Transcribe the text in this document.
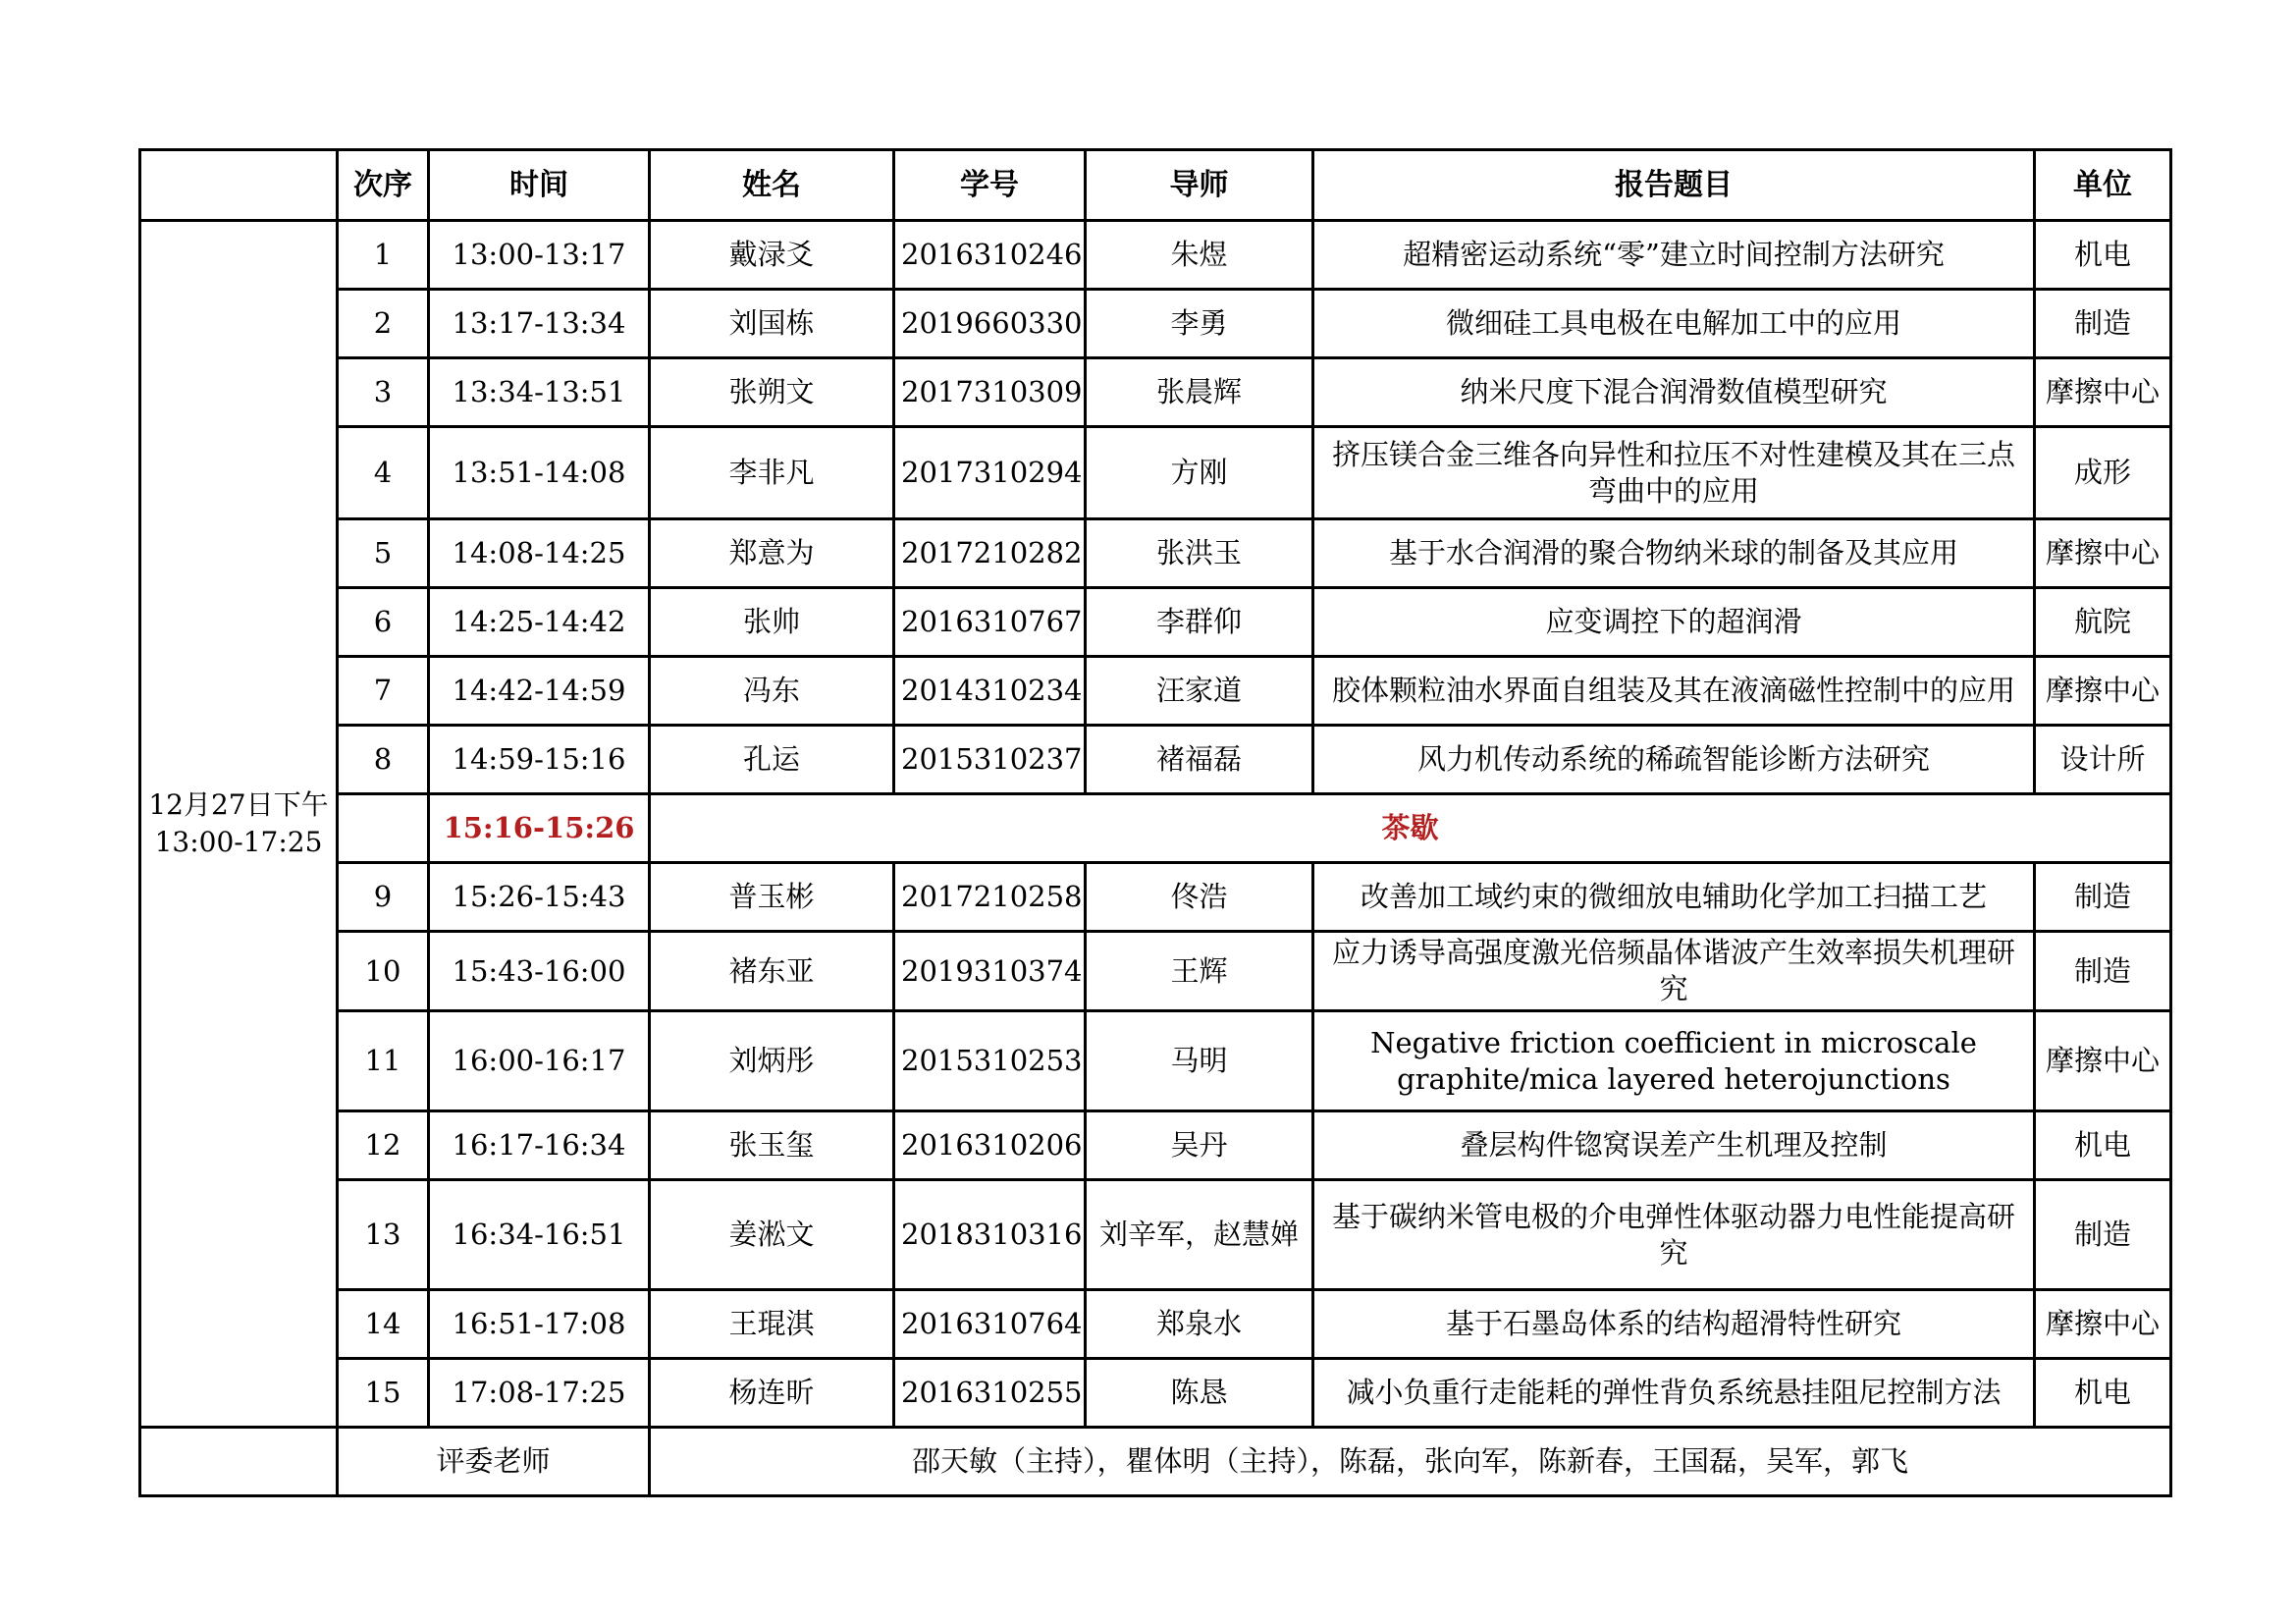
	次序	时间	姓名	学号	导师	报告题目	单位

12月27日下午
13:00-17:25	1	13:00-13:17	戴渌爻	2016310246	朱煜	超精密运动系统“零”建立时间控制方法研究	机电
	2	13:17-13:34	刘国栋	2019660330	李勇	微细硅工具电极在电解加工中的应用	制造
	3	13:34-13:51	张朔文	2017310309	张晨辉	纳米尺度下混合润滑数值模型研究	摩擦中心
	4	13:51-14:08	李非凡	2017310294	方刚	挤压镁合金三维各向异性和拉压不对性建模及其在三点弯曲中的应用	成形
	5	14:08-14:25	郑意为	2017210282	张洪玉	基于水合润滑的聚合物纳米球的制备及其应用	摩擦中心
	6	14:25-14:42	张帅	2016310767	李群仰	应变调控下的超润滑	航院
	7	14:42-14:59	冯东	2014310234	汪家道	胶体颗粒油水界面自组装及其在液滴磁性控制中的应用	摩擦中心
	8	14:59-15:16	孔运	2015310237	褚福磊	风力机传动系统的稀疏智能诊断方法研究	设计所
		15:16-15:26	茶歇				
	9	15:26-15:43	普玉彬	2017210258	佟浩	改善加工域约束的微细放电辅助化学加工扫描工艺	制造
	10	15:43-16:00	褚东亚	2019310374	王辉	应力诱导高强度激光倍频晶体谐波产生效率损失机理研究	制造
	11	16:00-16:17	刘炳彤	2015310253	马明	Negative friction coefficient in microscale graphite/mica layered heterojunctions	摩擦中心
	12	16:17-16:34	张玉玺	2016310206	吴丹	叠层构件锪窝误差产生机理及控制	机电
	13	16:34-16:51	姜淞文	2018310316	刘辛军，赵慧婵	基于碳纳米管电极的介电弹性体驱动器力电性能提高研究	制造
	14	16:51-17:08	王琨淇	2016310764	郑泉水	基于石墨岛体系的结构超滑特性研究	摩擦中心
	15	17:08-17:25	杨连昕	2016310255	陈恳	减小负重行走能耗的弹性背负系统悬挂阻尼控制方法	机电
	评委老师		邵天敏（主持），瞿体明（主持），陈磊，张向军，陈新春，王国磊，吴军，郭飞				
